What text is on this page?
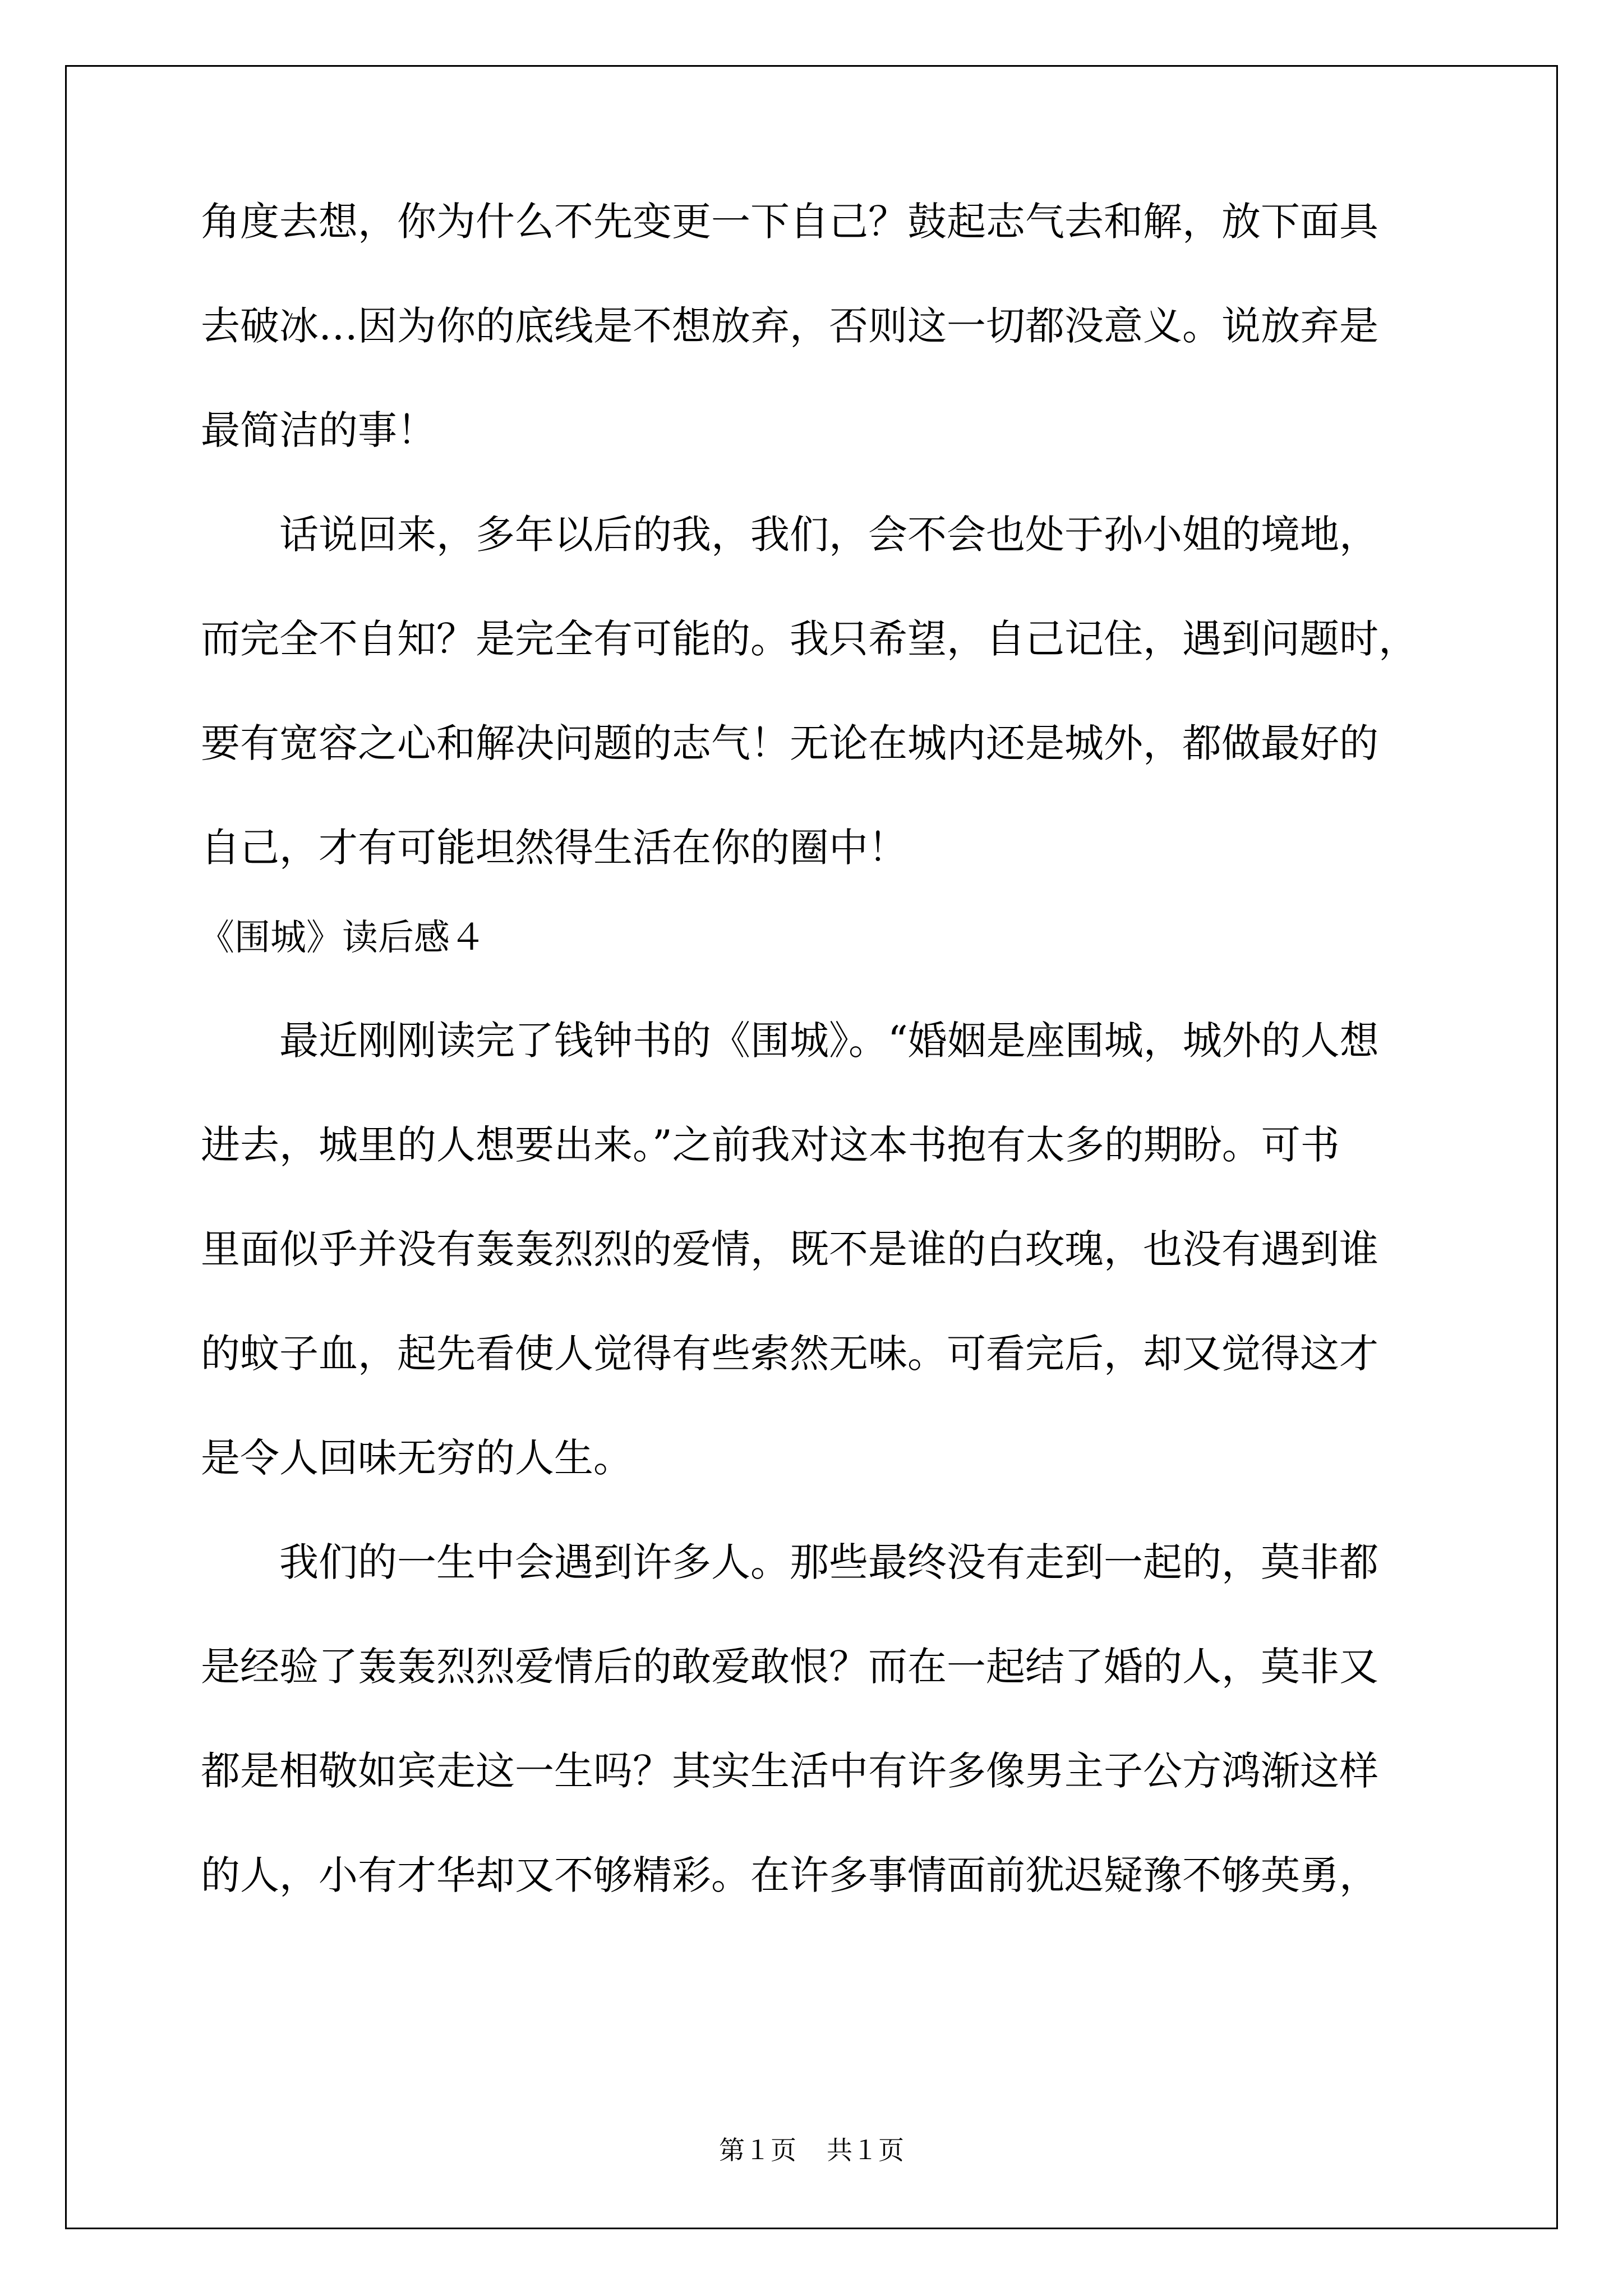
角度去想，你为什么不先变更一下自己？鼓起志气去和解，放下面具
去破冰…因为你的底线是不想放弃，否则这一切都没意义。说放弃是
最简洁的事！
　　话说回来，多年以后的我，我们，会不会也处于孙小姐的境地，
而完全不自知？是完全有可能的。我只希望，自己记住，遇到问题时，
要有宽容之心和解决问题的志气！无论在城内还是城外，都做最好的
自己，才有可能坦然得生活在你的圈中！
《围城》读后感４
　　最近刚刚读完了钱钟书的《围城》。“婚姻是座围城，城外的人想
进去，城里的人想要出来。”之前我对这本书抱有太多的期盼。可书
里面似乎并没有轰轰烈烈的爱情，既不是谁的白玫瑰，也没有遇到谁
的蚊子血，起先看使人觉得有些索然无味。可看完后，却又觉得这才
是令人回味无穷的人生。
　　我们的一生中会遇到许多人。那些最终没有走到一起的，莫非都
是经验了轰轰烈烈爱情后的敢爱敢恨？而在一起结了婚的人，莫非又
都是相敬如宾走这一生吗？其实生活中有许多像男主子公方鸿渐这样
的人，小有才华却又不够精彩。在许多事情面前犹迟疑豫不够英勇，
第１页 共１页
